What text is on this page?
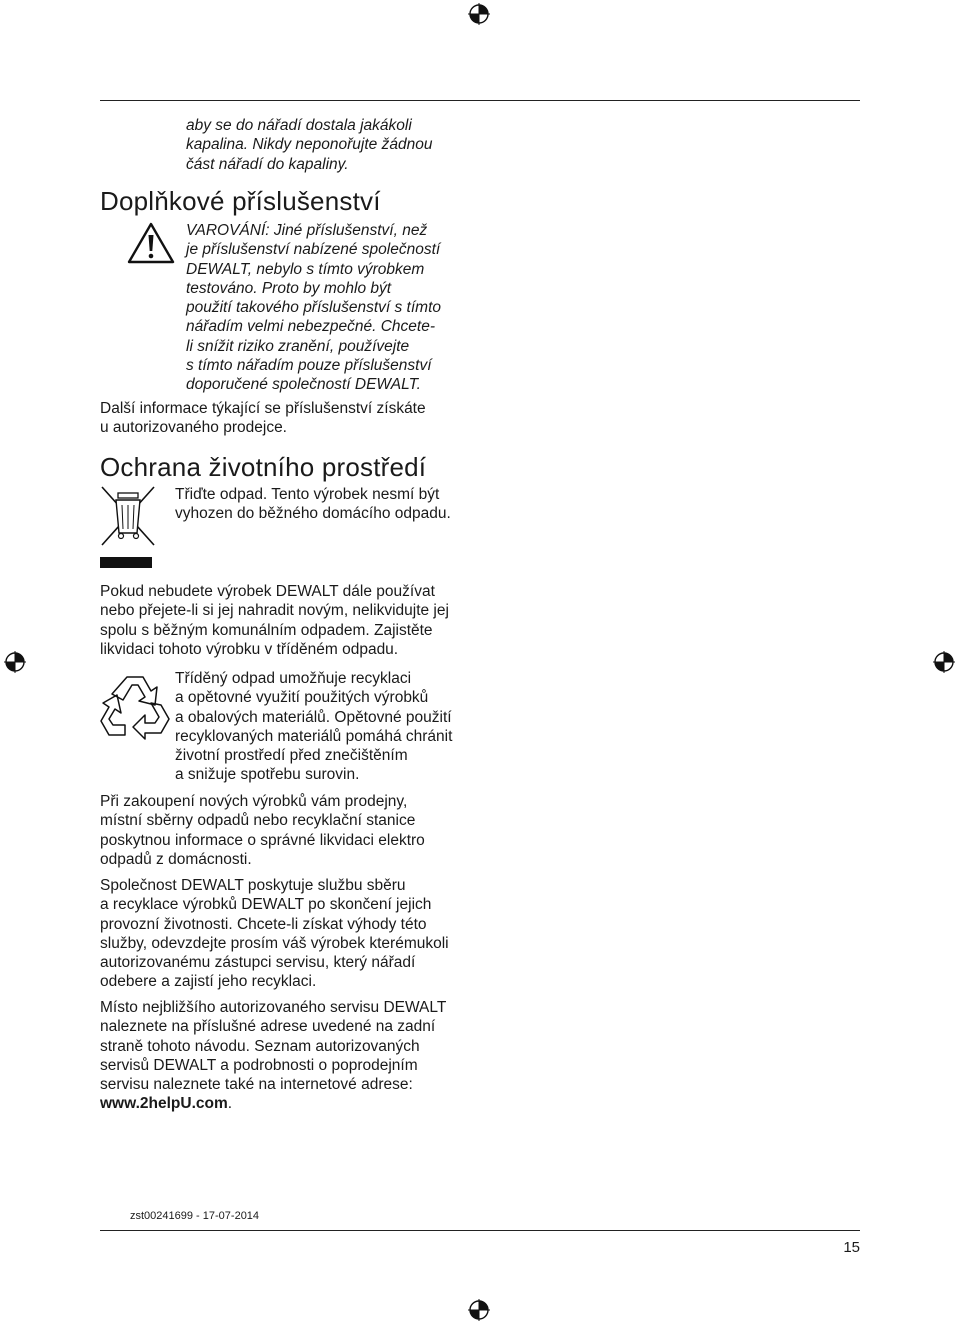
aby se do nářadí dostala jakákoli
kapalina. Nikdy neponořujte žádnou
část nářadí do kapaliny.

Doplňkové příslušenství

VAROVÁNÍ: Jiné příslušenství, než
je příslušenství nabízené společností
DEWALT, nebylo s tímto výrobkem
testováno. Proto by mohlo být
použití takového příslušenství s tímto
nářadím velmi nebezpečné. Chcete-
li snížit riziko zranění, používejte
s tímto nářadím pouze příslušenství
doporučené společností DEWALT.

Další informace týkající se příslušenství získáte
u autorizovaného prodejce.

Ochrana životního prostředí

Třiďte odpad. Tento výrobek nesmí být
vyhozen do běžného domácího odpadu.

Pokud nebudete výrobek DEWALT dále používat
nebo přejete-li si jej nahradit novým, nelikvidujte jej
spolu s běžným komunálním odpadem. Zajistěte
likvidaci tohoto výrobku v tříděném odpadu.

Tříděný odpad umožňuje recyklaci
a opětovné využití použitých výrobků
a obalových materiálů. Opětovné použití
recyklovaných materiálů pomáhá chránit
životní prostředí před znečištěním
a snižuje spotřebu surovin.

Při zakoupení nových výrobků vám prodejny,
místní sběrny odpadů nebo recyklační stanice
poskytnou informace o správné likvidaci elektro
odpadů z domácnosti.

Společnost DEWALT poskytuje službu sběru
a recyklace výrobků DEWALT po skončení jejich
provozní životnosti. Chcete-li získat výhody této
služby, odevzdejte prosím váš výrobek kterémukoli
autorizovanému zástupci servisu, který nářadí
odebere a zajistí jeho recyklaci.

Místo nejbližšího autorizovaného servisu DEWALT
naleznete na příslušné adrese uvedené na zadní
straně tohoto návodu. Seznam autorizovaných
servisů DEWALT a podrobnosti o poprodejním
servisu naleznete také na internetové adrese:

www.2helpU.com.

zst00241699 - 17-07-2014
15
